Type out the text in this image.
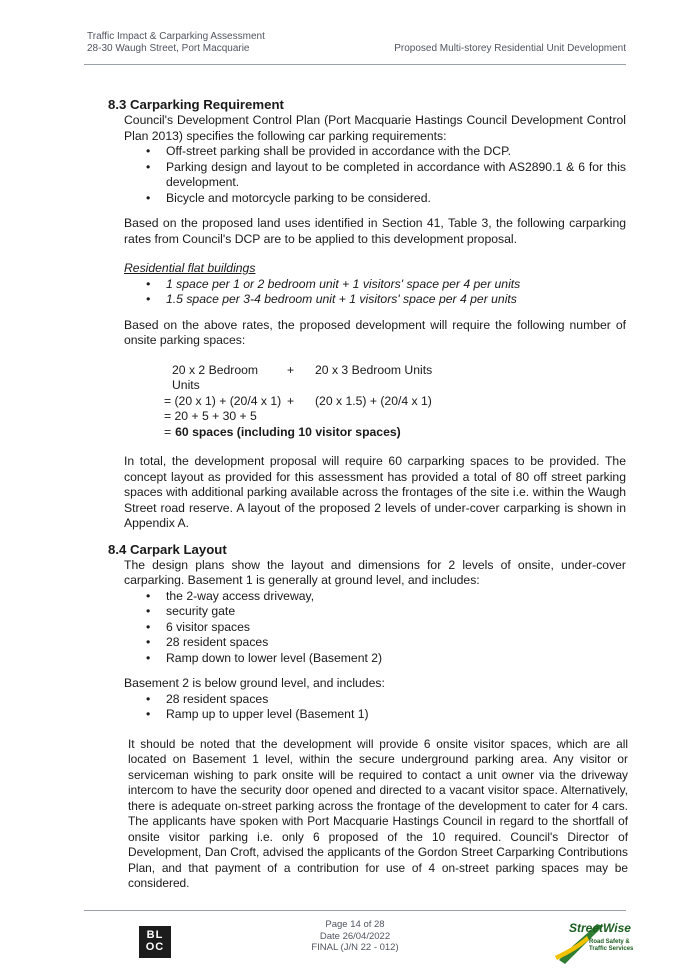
Traffic Impact & Carparking Assessment
28-30 Waugh Street, Port Macquarie	Proposed Multi-storey Residential Unit Development
8.3 Carparking Requirement

Council's Development Control Plan (Port Macquarie Hastings Council Development Control Plan 2013) specifies the following car parking requirements:

• Off-street parking shall be provided in accordance with the DCP.
• Parking design and layout to be completed in accordance with AS2890.1 & 6 for this development.
• Bicycle and motorcycle parking to be considered.

Based on the proposed land uses identified in Section 41, Table 3, the following carparking rates from Council's DCP are to be applied to this development proposal.

Residential flat buildings

• 1 space per 1 or 2 bedroom unit + 1 visitors' space per 4 per units
• 1.5 space per 3-4 bedroom unit + 1 visitors' space per 4 per units

Based on the above rates, the proposed development will require the following number of onsite parking spaces:

20 x 2 Bedroom Units
+	20 x 3 Bedroom Units
= (20 x 1) + (20/4 x 1) +	(20 x 1.5) + (20/4 x 1)
= 20 + 5 + 30 + 5
= 60 spaces (including 10 visitor spaces)

In total, the development proposal will require 60 carparking spaces to be provided. The concept layout as provided for this assessment has provided a total of 80 off street parking spaces with additional parking available across the frontages of the site i.e. within the Waugh Street road reserve. A layout of the proposed 2 levels of under-cover carparking is shown in Appendix A.

8.4 Carpark Layout

The design plans show the layout and dimensions for 2 levels of onsite, under-cover carparking. Basement 1 is generally at ground level, and includes:

• the 2-way access driveway,
• security gate
• 6 visitor spaces
• 28 resident spaces
• Ramp down to lower level (Basement 2)

Basement 2 is below ground level, and includes:

• 28 resident spaces
• Ramp up to upper level (Basement 1)

It should be noted that the development will provide 6 onsite visitor spaces, which are all located on Basement 1 level, within the secure underground parking area. Any visitor or serviceman wishing to park onsite will be required to contact a unit owner via the driveway intercom to have the security door opened and directed to a vacant visitor space. Alternatively, there is adequate on-street parking across the frontage of the development to cater for 4 cars. The applicants have spoken with Port Macquarie Hastings Council in regard to the shortfall of onsite visitor parking i.e. only 6 proposed of the 10 required. Council's Director of Development, Dan Croft, advised the applicants of the Gordon Street Carparking Contributions Plan, and that payment of a contribution for use of 4 on-street parking spaces may be considered.

BL
OC
Page 14 of 28
Date 26/04/2022
FINAL (J/N 22 - 012)
StreetWise
Road Safety &
Traffic Services
